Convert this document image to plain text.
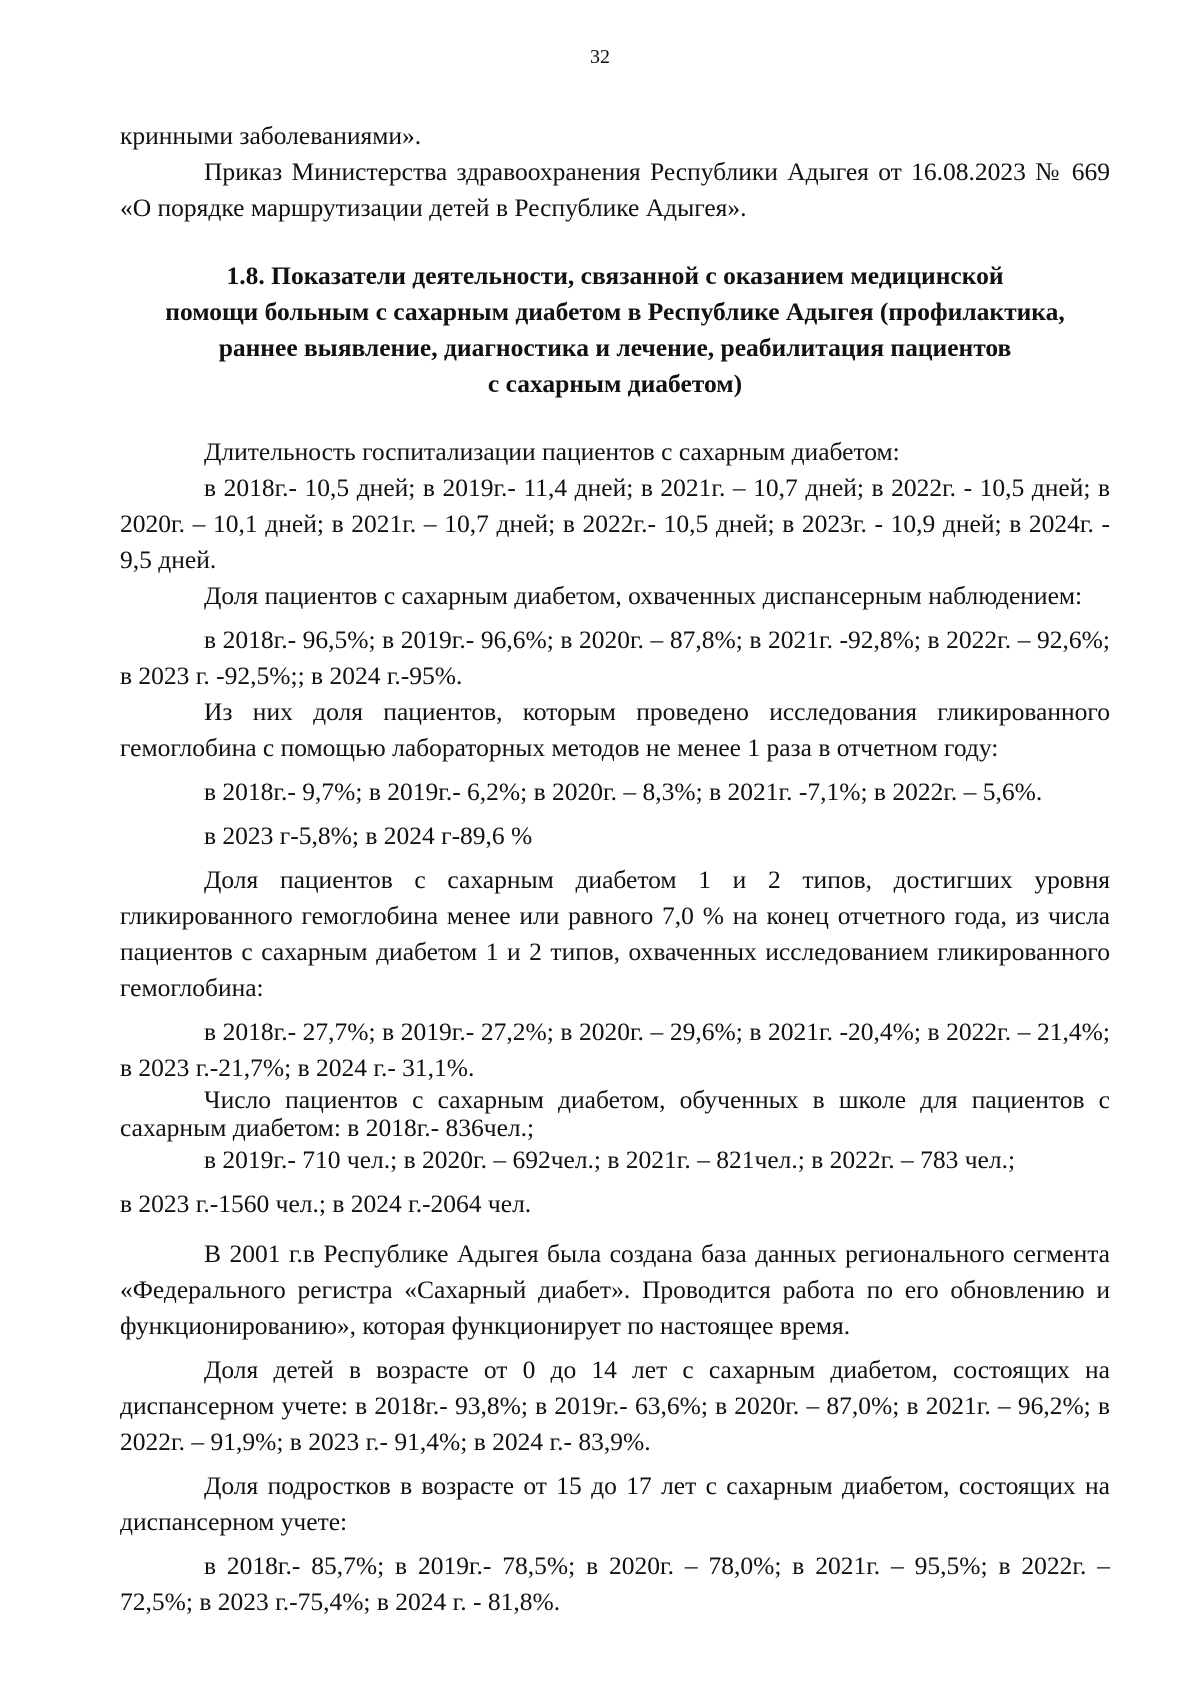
32

кринными заболеваниями».

Приказ Министерства здравоохранения Республики Адыгея от 16.08.2023 № 669 «О порядке маршрутизации детей в Республике Адыгея».

1.8. Показатели деятельности, связанной с оказанием медицинской
помощи больным с сахарным диабетом в Республике Адыгея (профилактика,
раннее выявление, диагностика и лечение, реабилитация пациентов
с сахарным диабетом)

Длительность госпитализации пациентов с сахарным диабетом:

в 2018г.- 10,5 дней; в 2019г.- 11,4 дней; в 2021г. – 10,7 дней; в 2022г. - 10,5 дней; в 2020г. – 10,1 дней; в 2021г. – 10,7 дней; в 2022г.- 10,5 дней; в 2023г. - 10,9 дней; в 2024г. - 9,5 дней.

Доля пациентов с сахарным диабетом, охваченных диспансерным наблюдением:

в 2018г.- 96,5%; в 2019г.- 96,6%; в 2020г. – 87,8%; в 2021г. -92,8%; в 2022г. – 92,6%; в 2023 г. -92,5%;; в 2024 г.-95%.

Из них доля пациентов, которым проведено исследования гликированного гемоглобина с помощью лабораторных методов не менее 1 раза в отчетном году:

в 2018г.- 9,7%; в 2019г.- 6,2%; в 2020г. – 8,3%; в 2021г. -7,1%; в 2022г. – 5,6%.

в 2023 г-5,8%; в 2024 г-89,6 %

Доля пациентов с сахарным диабетом 1 и 2 типов, достигших уровня гликированного гемоглобина менее или равного 7,0 % на конец отчетного года, из числа пациентов с сахарным диабетом 1 и 2 типов, охваченных исследованием гликированного гемоглобина:

в 2018г.- 27,7%; в 2019г.- 27,2%; в 2020г. – 29,6%; в 2021г. -20,4%; в 2022г. – 21,4%; в 2023 г.-21,7%; в 2024 г.- 31,1%.

Число пациентов с сахарным диабетом, обученных в школе для пациентов с сахарным диабетом: в 2018г.- 836чел.;

в 2019г.- 710 чел.; в 2020г. – 692чел.; в 2021г. – 821чел.; в 2022г. – 783 чел.;

в 2023 г.-1560 чел.; в 2024 г.-2064 чел.

В 2001 г.в Республике Адыгея была создана база данных регионального сегмента «Федерального регистра «Сахарный диабет». Проводится работа по его обновлению и функционированию», которая функционирует по настоящее время.

Доля детей в возрасте от 0 до 14 лет с сахарным диабетом, состоящих на диспансерном учете: в 2018г.- 93,8%; в 2019г.- 63,6%; в 2020г. – 87,0%; в 2021г. – 96,2%; в 2022г. – 91,9%; в 2023 г.- 91,4%; в 2024 г.- 83,9%.

Доля подростков в возрасте от 15 до 17 лет с сахарным диабетом, состоящих на диспансерном учете:

в 2018г.- 85,7%; в 2019г.- 78,5%; в 2020г. – 78,0%; в 2021г. – 95,5%; в 2022г. – 72,5%; в 2023 г.-75,4%; в 2024 г. - 81,8%.
